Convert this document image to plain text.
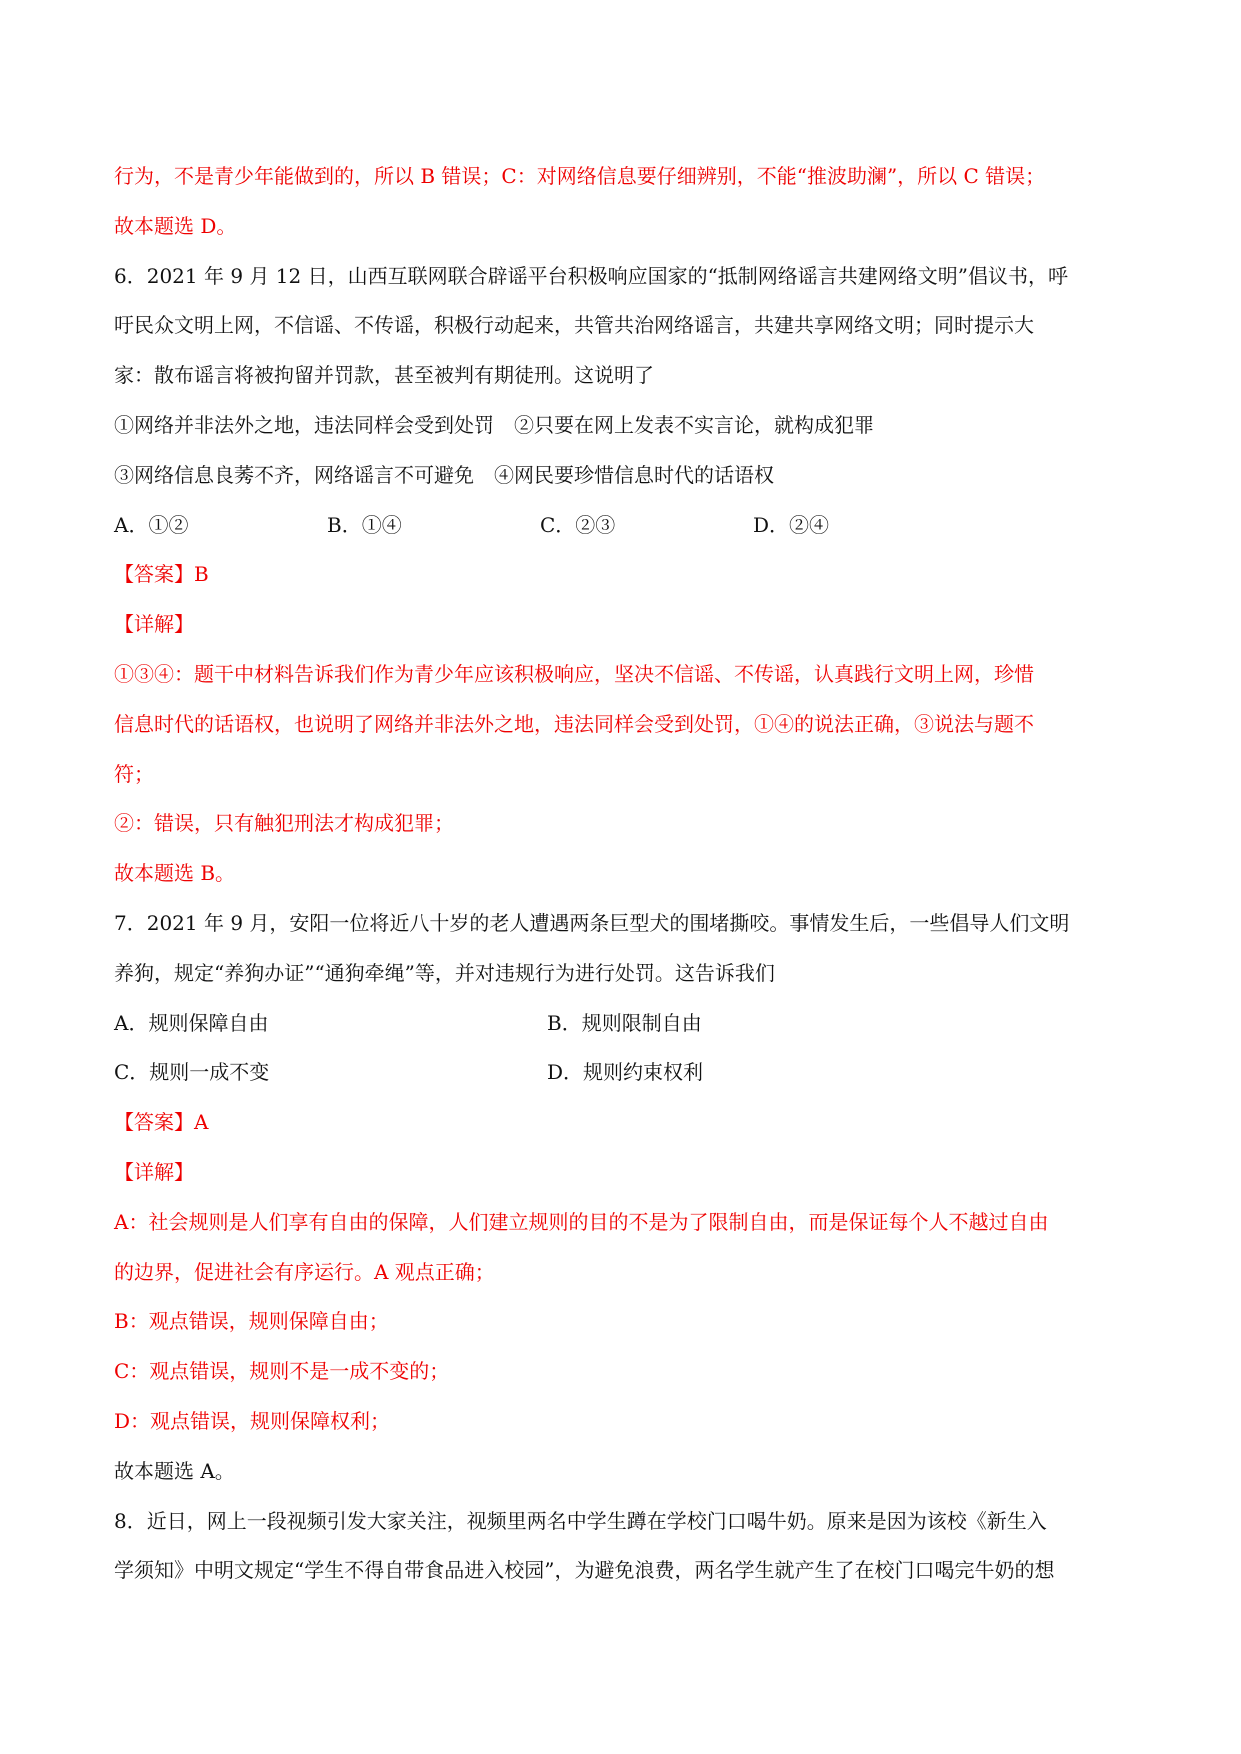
行为，不是青少年能做到的，所以 B 错误；C：对网络信息要仔细辨别，不能“推波助澜”，所以 C 错误；
故本题选 D。
6．2021 年 9 月 12 日，山西互联网联合辟谣平台积极响应国家的“抵制网络谣言共建网络文明”倡议书，呼
吁民众文明上网，不信谣、不传谣，积极行动起来，共管共治网络谣言，共建共享网络文明；同时提示大
家：散布谣言将被拘留并罚款，甚至被判有期徒刑。这说明了
①网络并非法外之地，违法同样会受到处罚　②只要在网上发表不实言论，就构成犯罪
③网络信息良莠不齐，网络谣言不可避免　④网民要珍惜信息时代的话语权
A．①②	B．①④	C．②③	D．②④
【答案】B
【详解】
①③④：题干中材料告诉我们作为青少年应该积极响应，坚决不信谣、不传谣，认真践行文明上网，珍惜
信息时代的话语权，也说明了网络并非法外之地，违法同样会受到处罚，①④的说法正确，③说法与题不
符；
②：错误，只有触犯刑法才构成犯罪；
故本题选 B。
7．2021 年 9 月，安阳一位将近八十岁的老人遭遇两条巨型犬的围堵撕咬。事情发生后，一些倡导人们文明
养狗，规定“养狗办证”“通狗牵绳”等，并对违规行为进行处罚。这告诉我们
A．规则保障自由	B．规则限制自由
C．规则一成不变	D．规则约束权利
【答案】A
【详解】
A：社会规则是人们享有自由的保障，人们建立规则的目的不是为了限制自由，而是保证每个人不越过自由
的边界，促进社会有序运行。A 观点正确；
B：观点错误，规则保障自由；
C：观点错误，规则不是一成不变的；
D：观点错误，规则保障权利；
故本题选 A。
8．近日，网上一段视频引发大家关注，视频里两名中学生蹲在学校门口喝牛奶。原来是因为该校《新生入
学须知》中明文规定“学生不得自带食品进入校园”，为避免浪费，两名学生就产生了在校门口喝完牛奶的想
